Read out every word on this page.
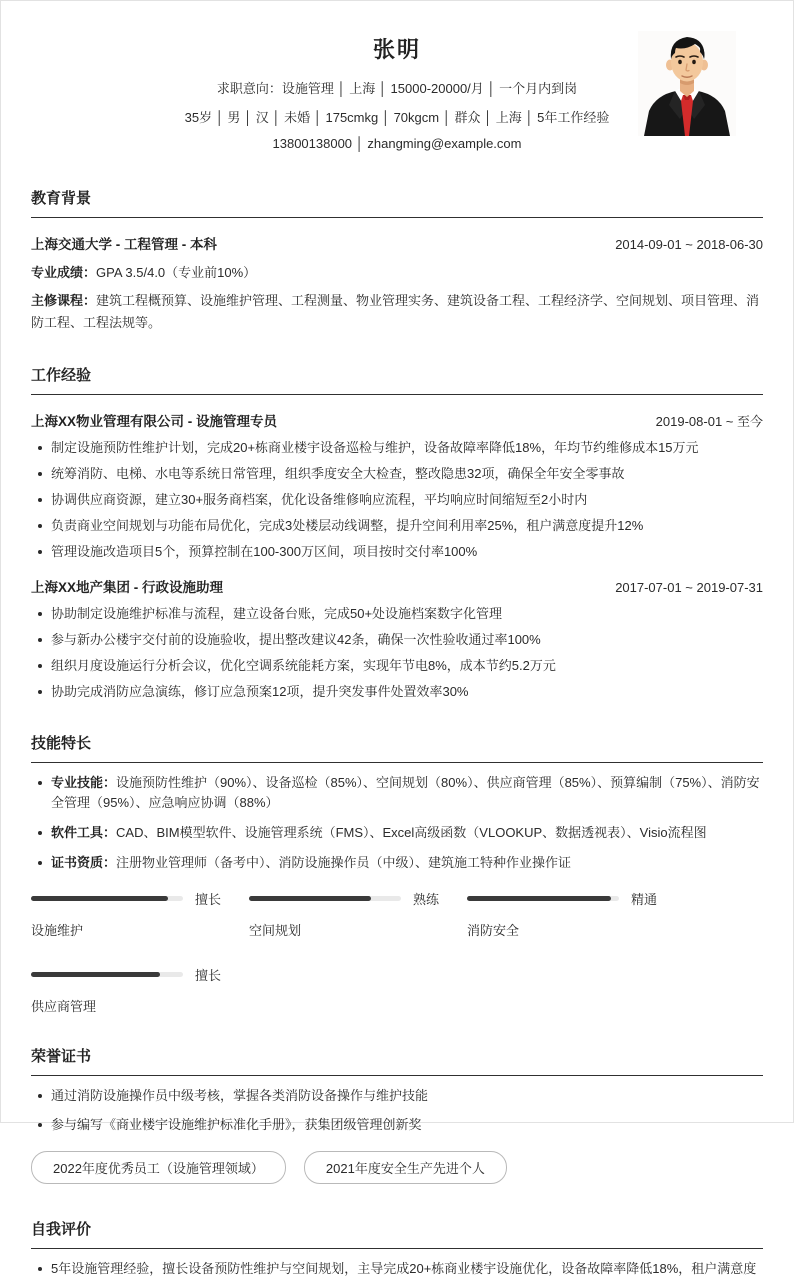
张明
求职意向：设施管理 │ 上海 │ 15000-20000/月 │ 一个月内到岗
35岁 │ 男 │ 汉 │ 未婚 │ 175cmkg │ 70kgcm │ 群众 │ 上海 │ 5年工作经验
13800138000 │ zhangming@example.com
教育背景
上海交通大学 - 工程管理 - 本科	2014-09-01 ~ 2018-06-30
专业成绩：GPA 3.5/4.0（专业前10%）
主修课程：建筑工程概预算、设施维护管理、工程测量、物业管理实务、建筑设备工程、工程经济学、空间规划、项目管理、消防工程、工程法规等。
工作经验
上海XX物业管理有限公司 - 设施管理专员	2019-08-01 ~ 至今
制定设施预防性维护计划，完成20+栋商业楼宇设备巡检与维护，设备故障率降低18%，年均节约维修成本15万元
统筹消防、电梯、水电等系统日常管理，组织季度安全大检查，整改隐患32项，确保全年安全零事故
协调供应商资源，建立30+服务商档案，优化设备维修响应流程，平均响应时间缩短至2小时内
负责商业空间规划与功能布局优化，完成3处楼层动线调整，提升空间利用率25%，租户满意度提升12%
管理设施改造项目5个，预算控制在100-300万区间，项目按时交付率100%
上海XX地产集团 - 行政设施助理	2017-07-01 ~ 2019-07-31
协助制定设施维护标准与流程，建立设备台账，完成50+处设施档案数字化管理
参与新办公楼宇交付前的设施验收，提出整改建议42条，确保一次性验收通过率100%
组织月度设施运行分析会议，优化空调系统能耗方案，实现年节电8%，成本节约5.2万元
协助完成消防应急演练，修订应急预案12项，提升突发事件处置效率30%
技能特长
专业技能：设施预防性维护（90%）、设备巡检（85%）、空间规划（80%）、供应商管理（85%）、预算编制（75%）、消防安全管理（95%）、应急响应协调（88%）
软件工具：CAD、BIM模型软件、设施管理系统（FMS）、Excel高级函数（VLOOKUP、数据透视表）、Visio流程图
证书资质：注册物业管理师（备考中）、消防设施操作员（中级）、建筑施工特种作业操作证
擅长
设施维护
熟练
空间规划
精通
消防安全
擅长
供应商管理
荣誉证书
通过消防设施操作员中级考核，掌握各类消防设备操作与维护技能
参与编写《商业楼宇设施维护标准化手册》，获集团级管理创新奖
2022年度优秀员工（设施管理领域）	2021年度安全生产先进个人
自我评价
5年设施管理经验，擅长设备预防性维护与空间规划，主导完成20+栋商业楼宇设施优化，设备故障率降低18%，租户满意度
